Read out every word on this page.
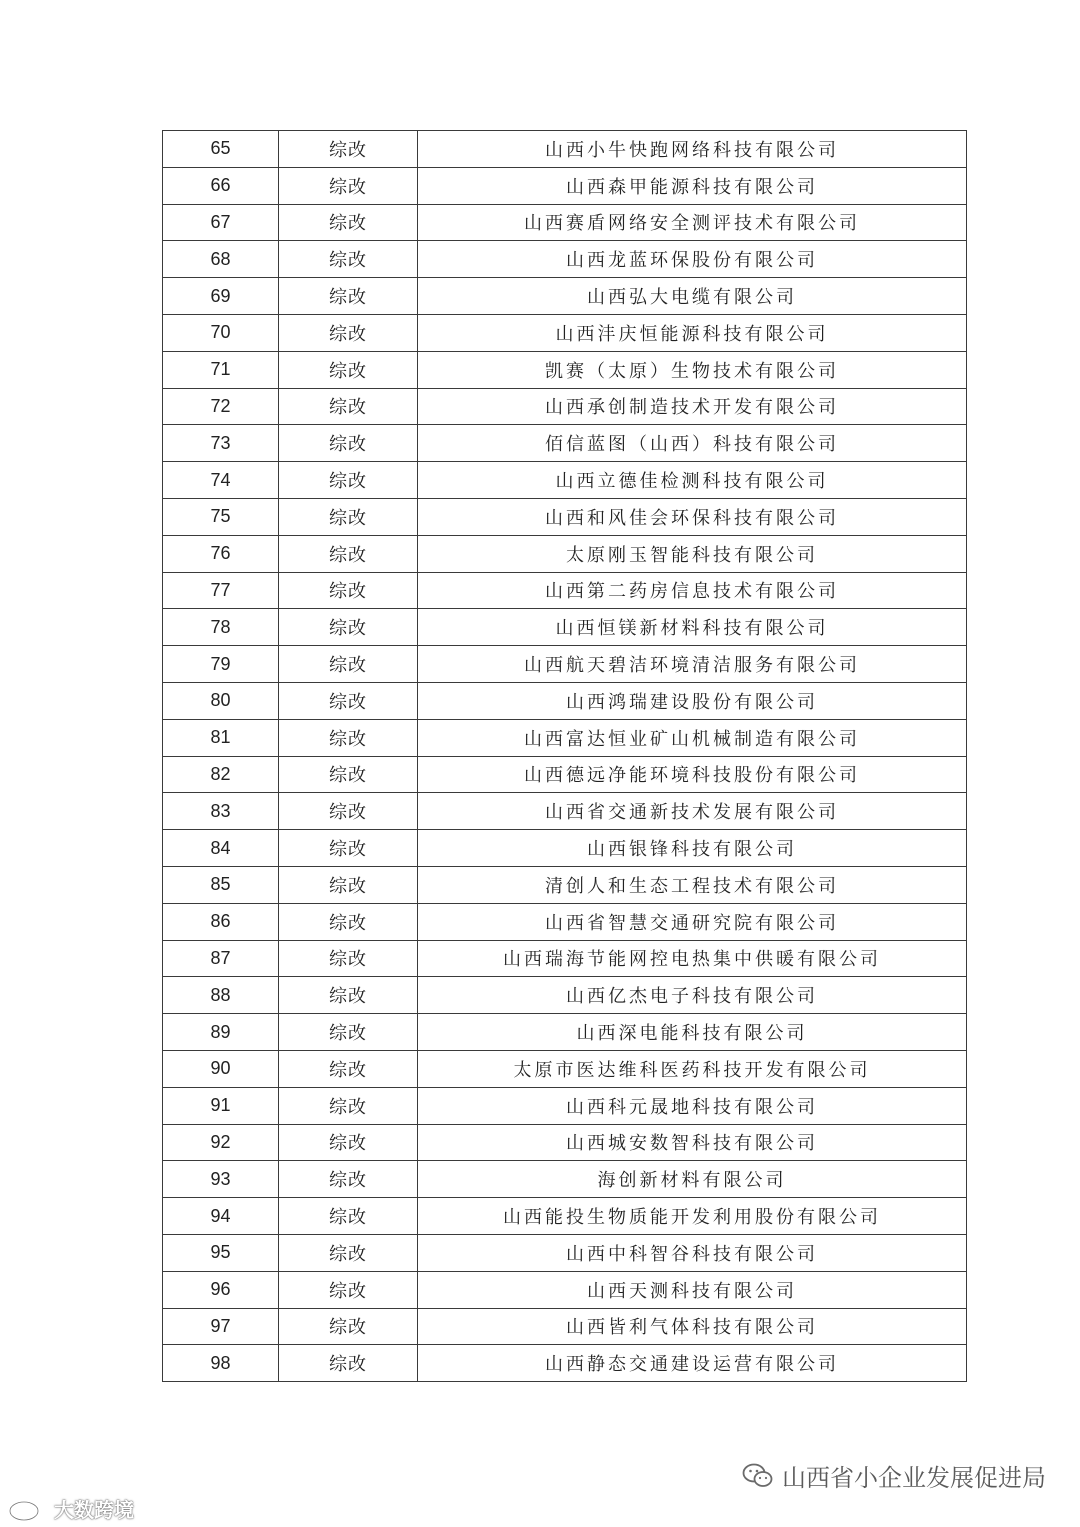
65	综改	山西小牛快跑网络科技有限公司
66	综改	山西森甲能源科技有限公司
67	综改	山西赛盾网络安全测评技术有限公司
68	综改	山西龙蓝环保股份有限公司
69	综改	山西弘大电缆有限公司
70	综改	山西沣庆恒能源科技有限公司
71	综改	凯赛（太原）生物技术有限公司
72	综改	山西承创制造技术开发有限公司
73	综改	佰信蓝图（山西）科技有限公司
74	综改	山西立德佳检测科技有限公司
75	综改	山西和风佳会环保科技有限公司
76	综改	太原刚玉智能科技有限公司
77	综改	山西第二药房信息技术有限公司
78	综改	山西恒镁新材料科技有限公司
79	综改	山西航天碧洁环境清洁服务有限公司
80	综改	山西鸿瑞建设股份有限公司
81	综改	山西富达恒业矿山机械制造有限公司
82	综改	山西德远净能环境科技股份有限公司
83	综改	山西省交通新技术发展有限公司
84	综改	山西银锋科技有限公司
85	综改	清创人和生态工程技术有限公司
86	综改	山西省智慧交通研究院有限公司
87	综改	山西瑞海节能网控电热集中供暖有限公司
88	综改	山西亿杰电子科技有限公司
89	综改	山西深电能科技有限公司
90	综改	太原市医达维科医药科技开发有限公司
91	综改	山西科元晟地科技有限公司
92	综改	山西城安数智科技有限公司
93	综改	海创新材料有限公司
94	综改	山西能投生物质能开发利用股份有限公司
95	综改	山西中科智谷科技有限公司
96	综改	山西天测科技有限公司
97	综改	山西皆利气体科技有限公司
98	综改	山西静态交通建设运营有限公司
山西省小企业发展促进局
大数跨境
